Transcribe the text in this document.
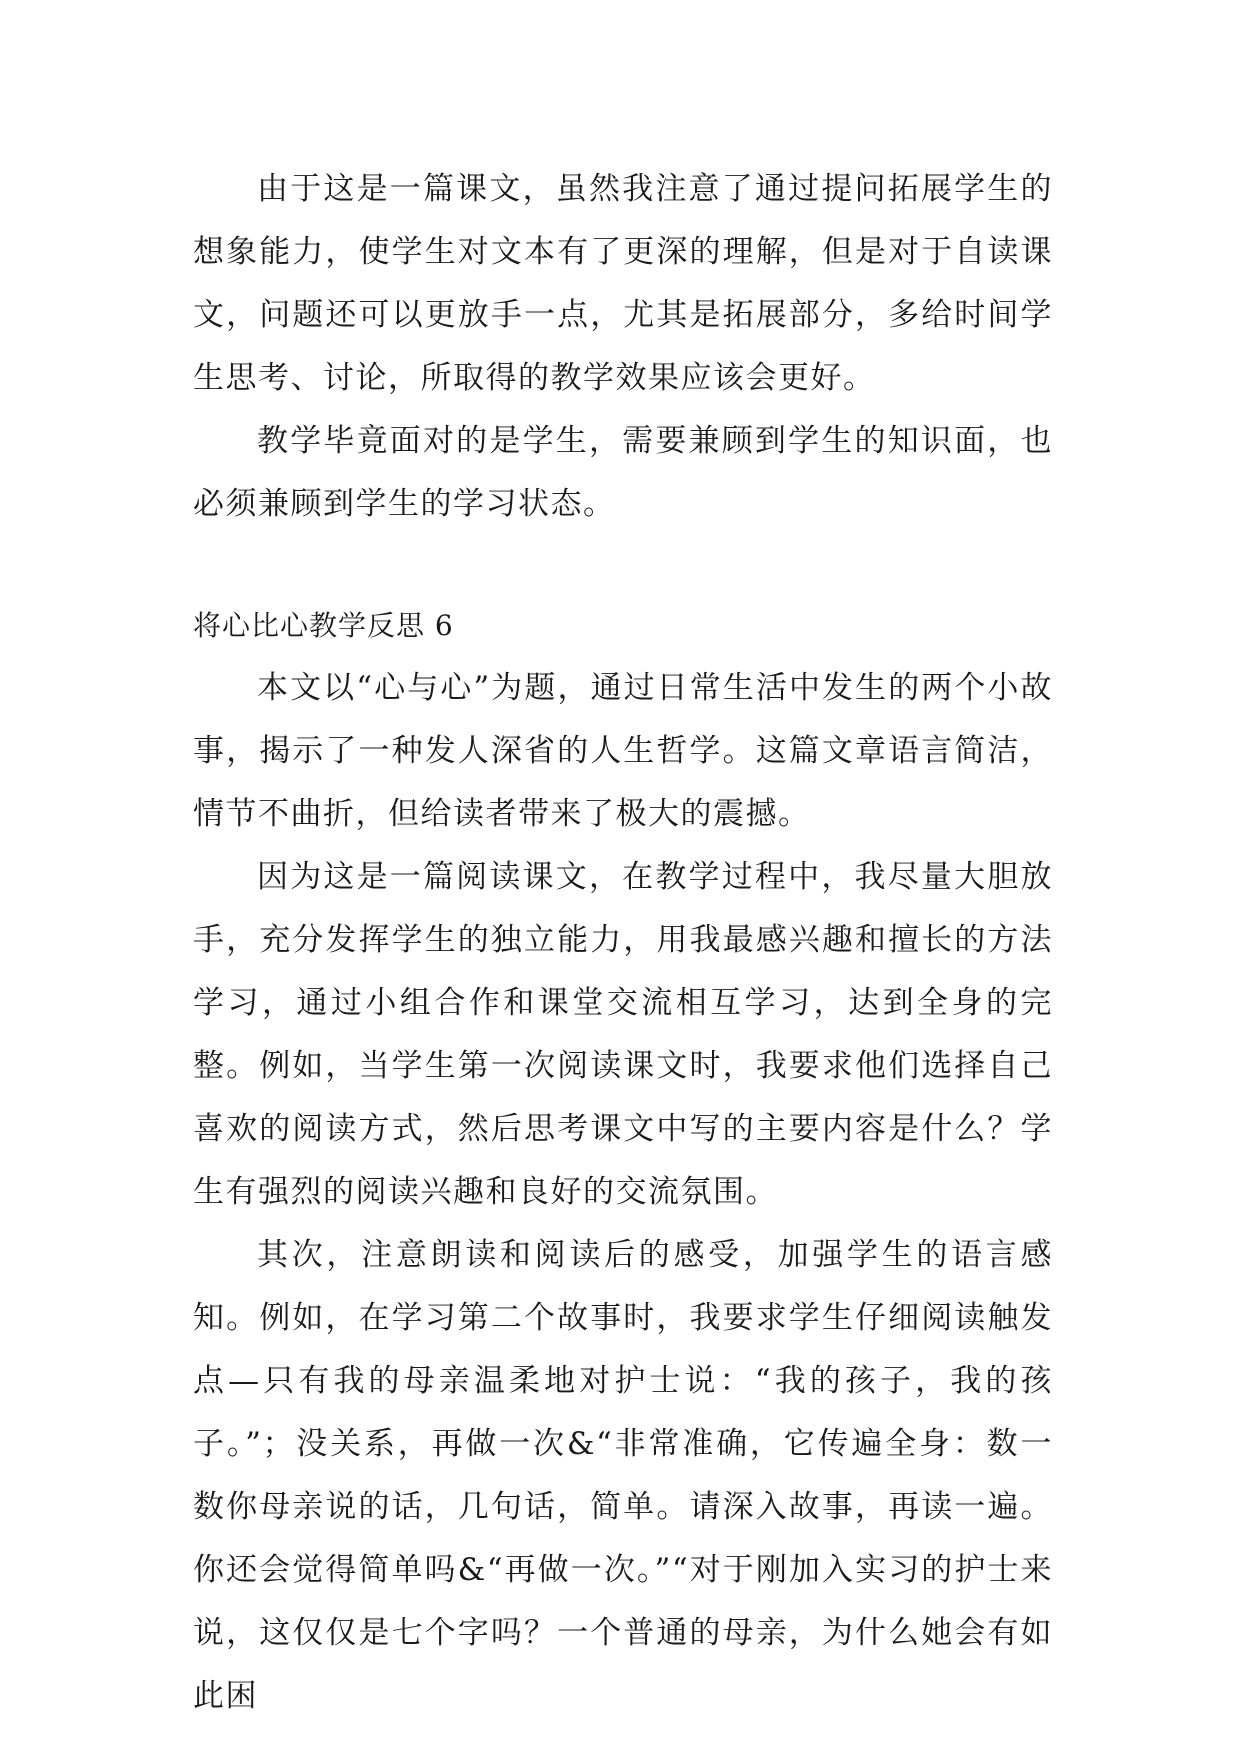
由于这是一篇课文，虽然我注意了通过提问拓展学生的想象能力，使学生对文本有了更深的理解，但是对于自读课文，问题还可以更放手一点，尤其是拓展部分，多给时间学生思考、讨论，所取得的教学效果应该会更好。

教学毕竟面对的是学生，需要兼顾到学生的知识面，也必须兼顾到学生的学习状态。

将心比心教学反思 6

本文以“心与心”为题，通过日常生活中发生的两个小故事，揭示了一种发人深省的人生哲学。这篇文章语言简洁，情节不曲折，但给读者带来了极大的震撼。

因为这是一篇阅读课文，在教学过程中，我尽量大胆放手，充分发挥学生的独立能力，用我最感兴趣和擅长的方法学习，通过小组合作和课堂交流相互学习，达到全身的完整。例如，当学生第一次阅读课文时，我要求他们选择自己喜欢的阅读方式，然后思考课文中写的主要内容是什么？学生有强烈的阅读兴趣和良好的交流氛围。

其次，注意朗读和阅读后的感受，加强学生的语言感知。例如，在学习第二个故事时，我要求学生仔细阅读触发点—只有我的母亲温柔地对护士说：“我的孩子，我的孩子。”；没关系，再做一次&“非常准确，它传遍全身：数一数你母亲说的话，几句话，简单。请深入故事，再读一遍。你还会觉得简单吗&“再做一次。”“对于刚加入实习的护士来说，这仅仅是七个字吗？一个普通的母亲，为什么她会有如此困
